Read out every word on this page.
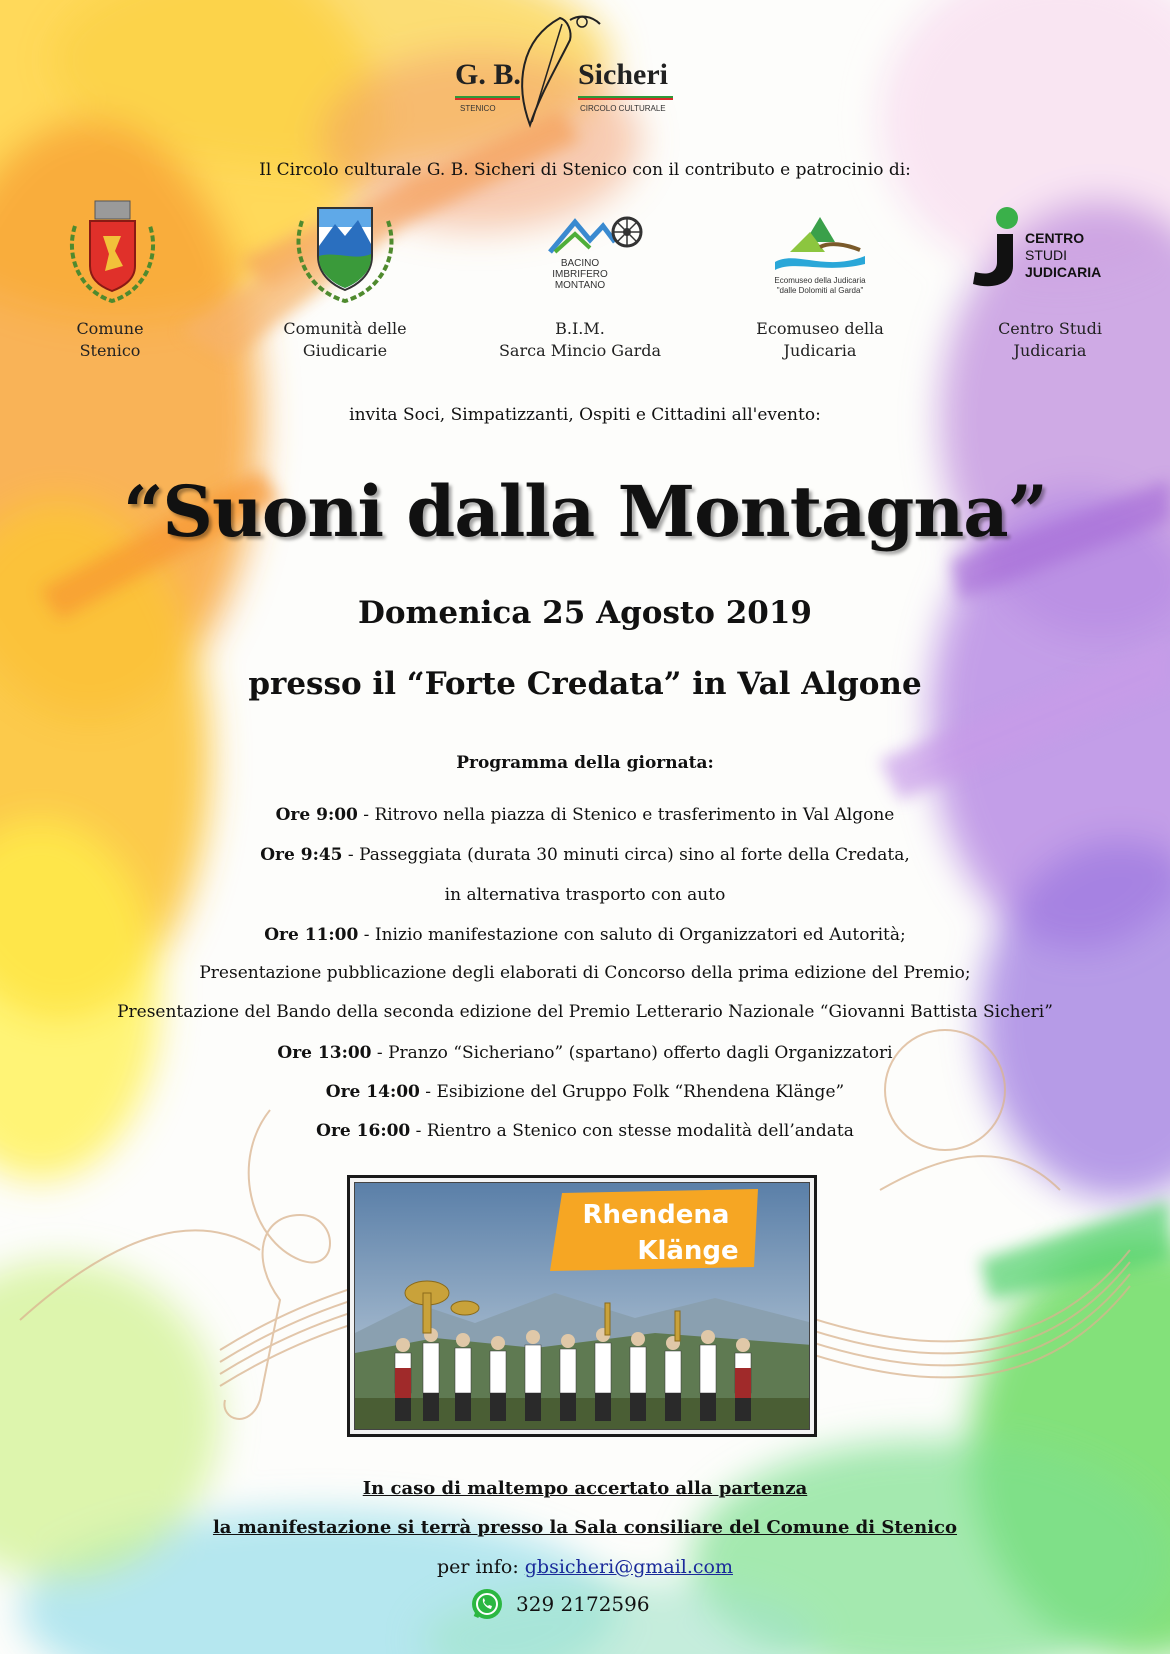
G. B. Sicheri
STENICO	CIRCOLO CULTURALE
Il Circolo culturale G. B. Sicheri di Stenico con il contributo e patrocinio di:
Comune
Stenico
Comunità delle
Giudicarie
BACINO IMBRIFERO MONTANO
B.I.M.
Sarca Mincio Garda
Ecomuseo della Judicaria
"dalle Dolomiti al Garda"
Ecomuseo della
Judicaria
CENTRO
STUDI
JUDICARIA
Centro Studi
Judicaria
invita Soci, Simpatizzanti, Ospiti e Cittadini all'evento:
“Suoni dalla Montagna”
Domenica 25 Agosto 2019
presso il “Forte Credata” in Val Algone
Programma della giornata:
Ore 9:00 - Ritrovo nella piazza di Stenico e trasferimento in Val Algone
Ore 9:45 - Passeggiata (durata 30 minuti circa) sino al forte della Credata,
in alternativa trasporto con auto
Ore 11:00 - Inizio manifestazione con saluto di Organizzatori ed Autorità;
Presentazione pubblicazione degli elaborati di Concorso della prima edizione del Premio;
Presentazione del Bando della seconda edizione del Premio Letterario Nazionale “Giovanni Battista Sicheri”
Ore 13:00 - Pranzo “Sicheriano” (spartano) offerto dagli Organizzatori
Ore 14:00 - Esibizione del Gruppo Folk “Rhendena Klänge”
Ore 16:00 - Rientro a Stenico con stesse modalità dell’andata
Rhendena
Klänge
In caso di maltempo accertato alla partenza
la manifestazione si terrà presso la Sala consiliare del Comune di Stenico
per info: gbsicheri@gmail.com
329 2172596
